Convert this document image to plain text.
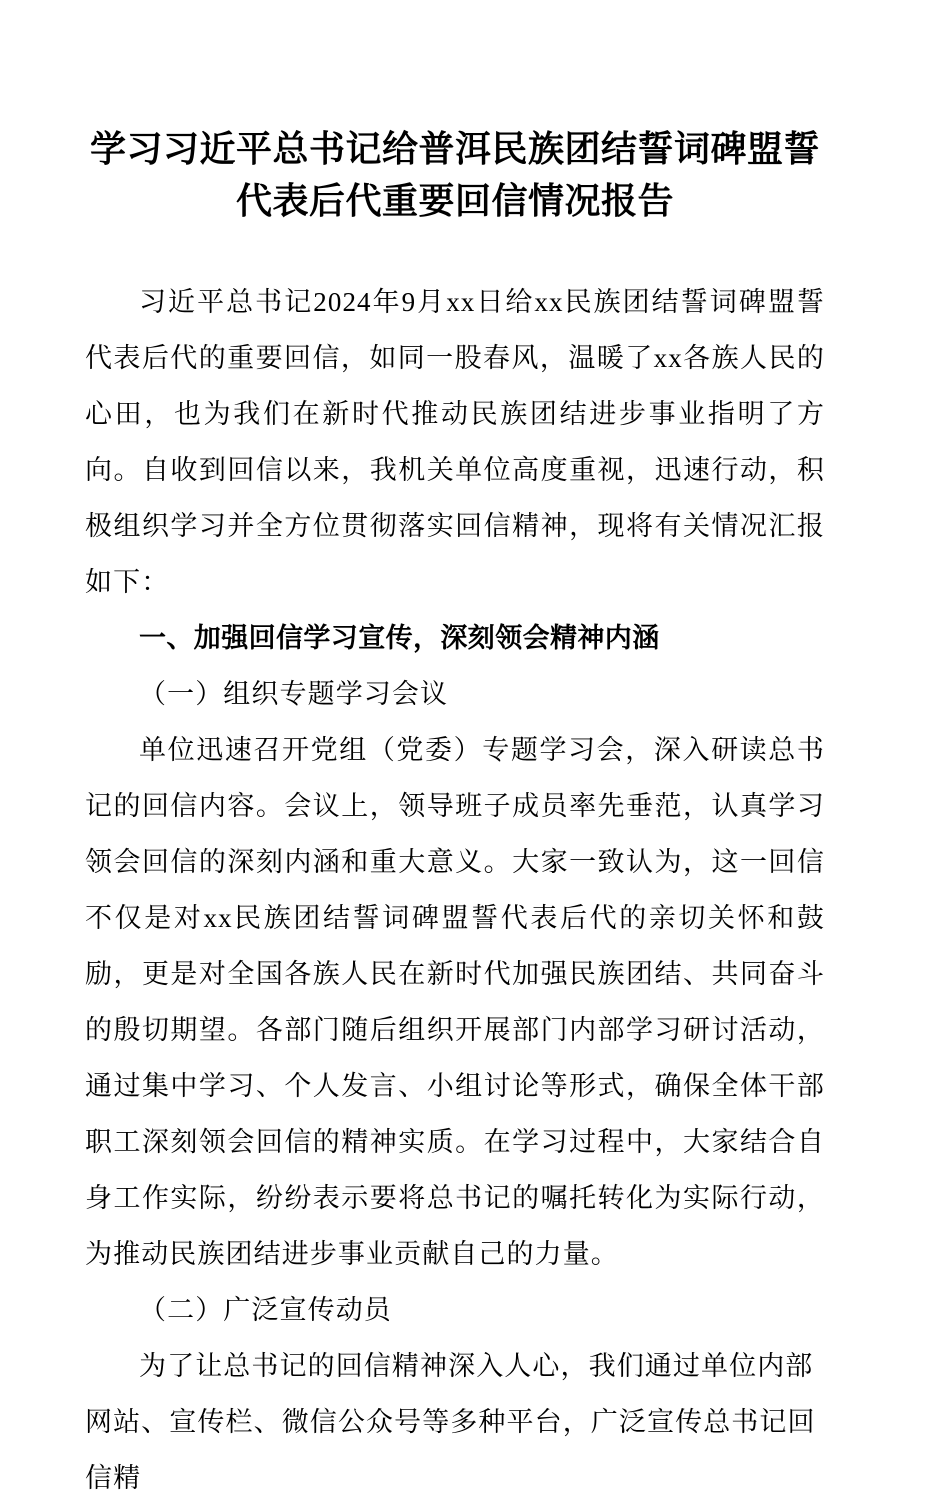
学习习近平总书记给普洱民族团结誓词碑盟誓代表后代重要回信情况报告

习近平总书记2024年9月xx日给xx民族团结誓词碑盟誓代表后代的重要回信，如同一股春风，温暖了xx各族人民的心田，也为我们在新时代推动民族团结进步事业指明了方向。自收到回信以来，我机关单位高度重视，迅速行动，积极组织学习并全方位贯彻落实回信精神，现将有关情况汇报如下：

一、加强回信学习宣传，深刻领会精神内涵

（一）组织专题学习会议

单位迅速召开党组（党委）专题学习会，深入研读总书记的回信内容。会议上，领导班子成员率先垂范，认真学习领会回信的深刻内涵和重大意义。大家一致认为，这一回信不仅是对xx民族团结誓词碑盟誓代表后代的亲切关怀和鼓励，更是对全国各族人民在新时代加强民族团结、共同奋斗的殷切期望。各部门随后组织开展部门内部学习研讨活动，通过集中学习、个人发言、小组讨论等形式，确保全体干部职工深刻领会回信的精神实质。在学习过程中，大家结合自身工作实际，纷纷表示要将总书记的嘱托转化为实际行动，为推动民族团结进步事业贡献自己的力量。

（二）广泛宣传动员

为了让总书记的回信精神深入人心，我们通过单位内部网站、宣传栏、微信公众号等多种平台，广泛宣传总书记回信精
